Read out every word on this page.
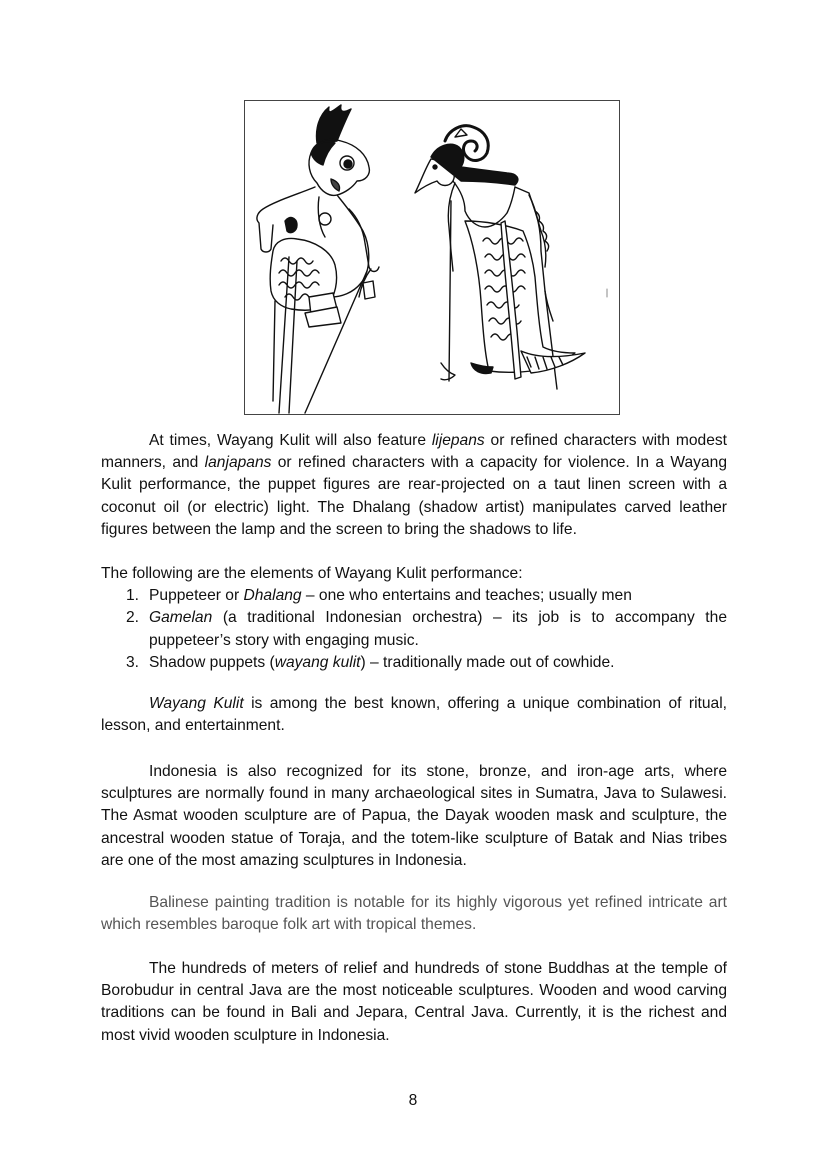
At times, Wayang Kulit will also feature lijepans or refined characters with modest manners, and lanjapans or refined characters with a capacity for violence. In a Wayang Kulit performance, the puppet figures are rear-projected on a taut linen screen with a coconut oil (or electric) light. The Dhalang (shadow artist) manipulates carved leather figures between the lamp and the screen to bring the shadows to life.

The following are the elements of Wayang Kulit performance:

1. Puppeteer or Dhalang – one who entertains and teaches; usually men
2. Gamelan (a traditional Indonesian orchestra) – its job is to accompany the puppeteer’s story with engaging music.
3. Shadow puppets (wayang kulit) – traditionally made out of cowhide.

Wayang Kulit is among the best known, offering a unique combination of ritual, lesson, and entertainment.

Indonesia is also recognized for its stone, bronze, and iron-age arts, where sculptures are normally found in many archaeological sites in Sumatra, Java to Sulawesi. The Asmat wooden sculpture are of Papua, the Dayak wooden mask and sculpture, the ancestral wooden statue of Toraja, and the totem-like sculpture of Batak and Nias tribes are one of the most amazing sculptures in Indonesia.

Balinese painting tradition is notable for its highly vigorous yet refined intricate art which resembles baroque folk art with tropical themes.

The hundreds of meters of relief and hundreds of stone Buddhas at the temple of Borobudur in central Java are the most noticeable sculptures. Wooden and wood carving traditions can be found in Bali and Jepara, Central Java. Currently, it is the richest and most vivid wooden sculpture in Indonesia.

8
